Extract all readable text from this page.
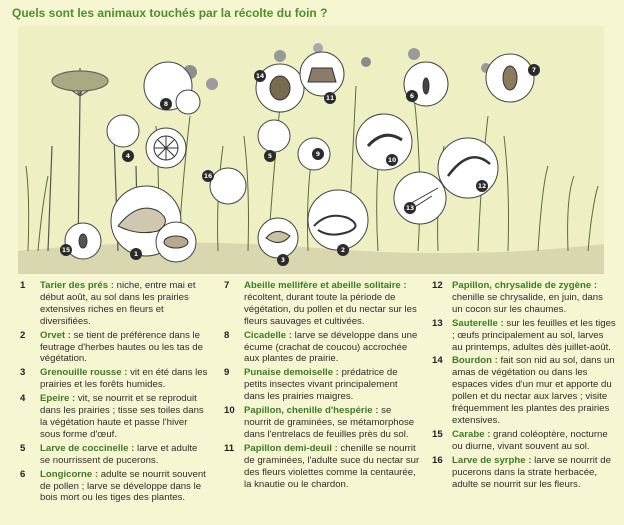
Quels sont les animaux touchés par la récolte du foin ?
1
2
3
4	5
6
7
8
9
10
11
12
13
14
15
16
1 Tarier des prés : niche, entre mai et début août, au sol dans les prairies extensives riches en fleurs et diversifiées.
2 Orvet : se tient de préférence dans le feutrage d'herbes hautes ou les tas de végétation.
3 Grenouille rousse : vit en été dans les prairies et les forêts humides.
4 Epeire : vit, se nourrit et se reproduit dans les prairies ; tisse ses toiles dans la végétation haute et passe l'hiver sous forme d'œuf.
5 Larve de coccinelle : larve et adulte se nourrissent de pucerons.
6 Longicorne : adulte se nourrit souvent de pollen ; larve se développe dans le bois mort ou les tiges des plantes.
7 Abeille mellifère et abeille solitaire : récoltent, durant toute la période de végétation, du pollen et du nectar sur les fleurs sauvages et cultivées.
8 Cicadelle : larve se développe dans une écume (crachat de coucou) accrochée aux plantes de prairie.
9 Punaise demoiselle : prédatrice de petits insectes vivant principalement dans les prairies maigres.
10 Papillon, chenille d'hespérie : se nourrit de graminées, se métamorphose dans l'entrelacs de feuilles près du sol.
11 Papillon demi-deuil : chenille se nourrit de graminées, l'adulte suce du nectar sur des fleurs violettes comme la centaurée, la knautie ou le chardon.
12 Papillon, chrysalide de zygène : chenille se chrysalide, en juin, dans un cocon sur les chaumes.
13 Sauterelle : sur les feuilles et les tiges ; œufs principalement au sol, larves au printemps, adultes dès juillet-août.
14 Bourdon : fait son nid au sol, dans un amas de végétation ou dans les espaces vides d'un mur et apporte du pollen et du nectar aux larves ; visite fréquemment les plantes des prairies extensives.
15 Carabe : grand coléoptère, nocturne ou diurne, vivant souvent au sol.
16 Larve de syrphe : larve se nourrit de pucerons dans la strate herbacée, adulte se nourrit sur les fleurs.
